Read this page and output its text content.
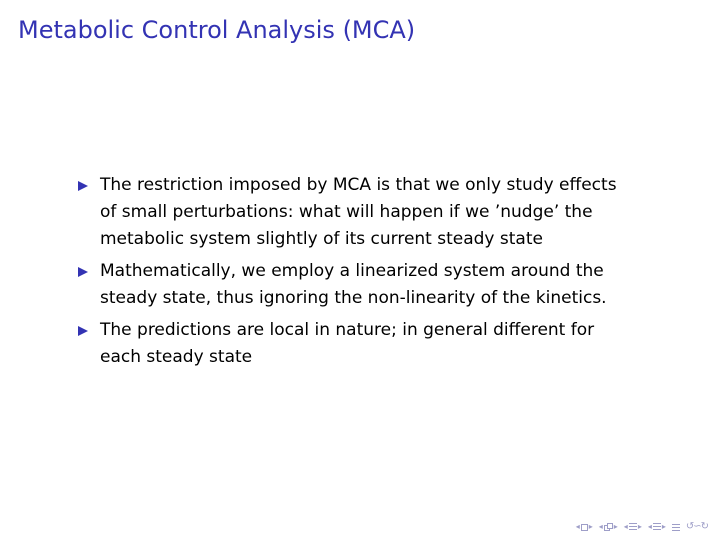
Metabolic Control Analysis (MCA)
The restriction imposed by MCA is that we only study effects
of small perturbations: what will happen if we ’nudge’ the
metabolic system slightly of its current steady state
Mathematically, we employ a linearized system around the
steady state, thus ignoring the non-linearity of the kinetics.
The predictions are local in nature; in general different for
each steady state
◂ ▸ ◂ ▸ ◂ ▸ ◂ ▸ ↺∽↻
